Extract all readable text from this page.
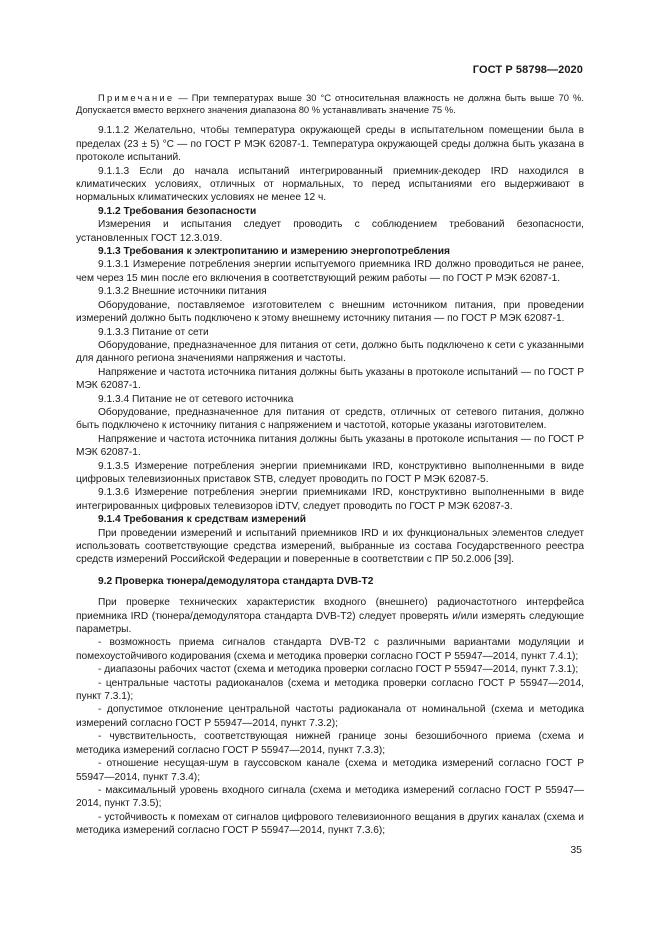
ГОСТ Р 58798—2020

Примечание — При температурах выше 30 °С относительная влажность не должна быть выше 70 %. Допускается вместо верхнего значения диапазона 80 % устанавливать значение 75 %.

9.1.1.2 Желательно, чтобы температура окружающей среды в испытательном помещении была в пределах (23 ± 5) °С — по ГОСТ Р МЭК 62087-1. Температура окружающей среды должна быть указана в протоколе испытаний.

9.1.1.3 Если до начала испытаний интегрированный приемник-декодер IRD находился в климатических условиях, отличных от нормальных, то перед испытаниями его выдерживают в нормальных климатических условиях не менее 12 ч.

9.1.2 Требования безопасности

Измерения и испытания следует проводить с соблюдением требований безопасности, установленных ГОСТ 12.3.019.

9.1.3 Требования к электропитанию и измерению энергопотребления

9.1.3.1 Измерение потребления энергии испытуемого приемника IRD должно проводиться не ранее, чем через 15 мин после его включения в соответствующий режим работы — по ГОСТ Р МЭК 62087-1.

9.1.3.2 Внешние источники питания

Оборудование, поставляемое изготовителем с внешним источником питания, при проведении измерений должно быть подключено к этому внешнему источнику питания — по ГОСТ Р МЭК 62087-1.

9.1.3.3 Питание от сети

Оборудование, предназначенное для питания от сети, должно быть подключено к сети с указанными для данного региона значениями напряжения и частоты.

Напряжение и частота источника питания должны быть указаны в протоколе испытаний — по ГОСТ Р МЭК 62087-1.

9.1.3.4 Питание не от сетевого источника

Оборудование, предназначенное для питания от средств, отличных от сетевого питания, должно быть подключено к источнику питания с напряжением и частотой, которые указаны изготовителем.

Напряжение и частота источника питания должны быть указаны в протоколе испытания — по ГОСТ Р МЭК 62087-1.

9.1.3.5 Измерение потребления энергии приемниками IRD, конструктивно выполненными в виде цифровых телевизионных приставок STB, следует проводить по ГОСТ Р МЭК 62087-5.

9.1.3.6 Измерение потребления энергии приемниками IRD, конструктивно выполненными в виде интегрированных цифровых телевизоров iDTV, следует проводить по ГОСТ Р МЭК 62087-3.

9.1.4 Требования к средствам измерений

При проведении измерений и испытаний приемников IRD и их функциональных элементов следует использовать соответствующие средства измерений, выбранные из состава Государственного реестра средств измерений Российской Федерации и поверенные в соответствии с ПР 50.2.006 [39].

9.2 Проверка тюнера/демодулятора стандарта DVB-T2

При проверке технических характеристик входного (внешнего) радиочастотного интерфейса приемника IRD (тюнера/демодулятора стандарта DVB-T2) следует проверять и/или измерять следующие параметры.

- возможность приема сигналов стандарта DVB-T2 с различными вариантами модуляции и помехоустойчивого кодирования (схема и методика проверки согласно ГОСТ Р 55947—2014, пункт 7.4.1);

- диапазоны рабочих частот (схема и методика проверки согласно ГОСТ Р 55947—2014, пункт 7.3.1);

- центральные частоты радиоканалов (схема и методика проверки согласно ГОСТ Р 55947—2014, пункт 7.3.1);

- допустимое отклонение центральной частоты радиоканала от номинальной (схема и методика измерений согласно ГОСТ Р 55947—2014, пункт 7.3.2);

- чувствительность, соответствующая нижней границе зоны безошибочного приема (схема и методика измерений согласно ГОСТ Р 55947—2014, пункт 7.3.3);

- отношение несущая-шум в гауссовском канале (схема и методика измерений согласно ГОСТ Р 55947—2014, пункт 7.3.4);

- максимальный уровень входного сигнала (схема и методика измерений согласно ГОСТ Р 55947—2014, пункт 7.3.5);

- устойчивость к помехам от сигналов цифрового телевизионного вещания в других каналах (схема и методика измерений согласно ГОСТ Р 55947—2014, пункт 7.3.6);

35
